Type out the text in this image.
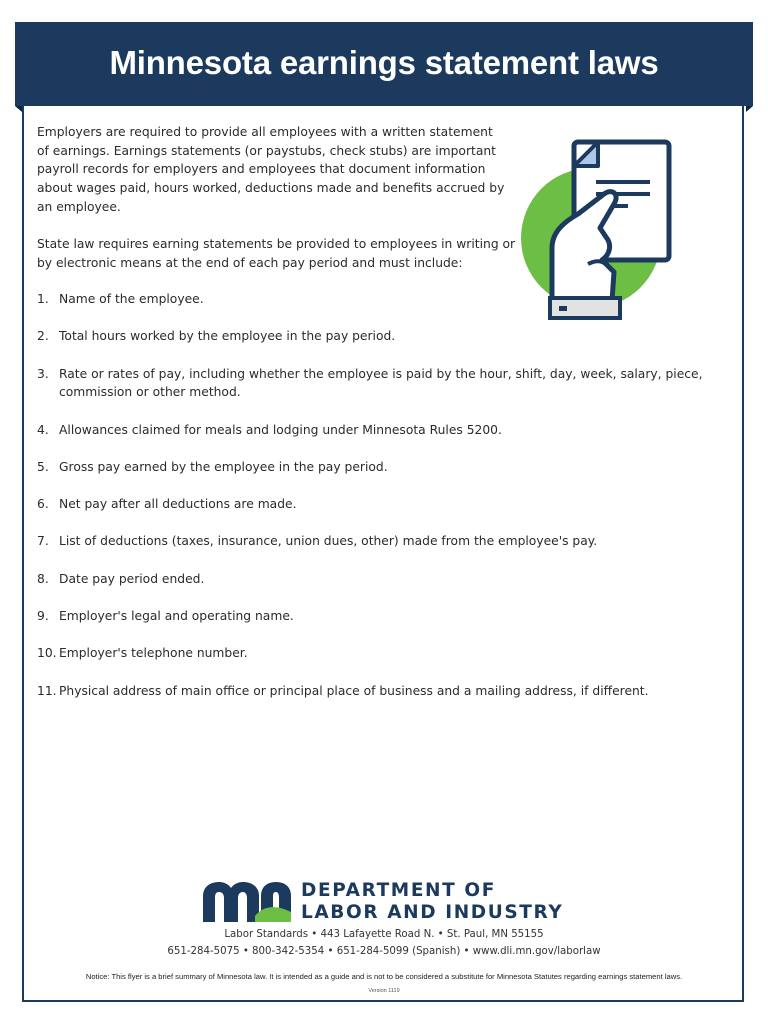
Minnesota earnings statement laws

Employers are required to provide all employees with a written statement of earnings. Earnings statements (or paystubs, check stubs) are important payroll records for employers and employees that document information about wages paid, hours worked, deductions made and benefits accrued by an employee.

State law requires earning statements be provided to employees in writing or by electronic means at the end of each pay period and must include:

1. Name of the employee.
2. Total hours worked by the employee in the pay period.
3. Rate or rates of pay, including whether the employee is paid by the hour, shift, day, week, salary, piece, commission or other method.
4. Allowances claimed for meals and lodging under Minnesota Rules 5200.
5. Gross pay earned by the employee in the pay period.
6. Net pay after all deductions are made.
7. List of deductions (taxes, insurance, union dues, other) made from the employee's pay.
8. Date pay period ended.
9. Employer's legal and operating name.
10. Employer's telephone number.
11. Physical address of main office or principal place of business and a mailing address, if different.

DEPARTMENT OF

LABOR AND INDUSTRY

Labor Standards • 443 Lafayette Road N. • St. Paul, MN 55155

651-284-5075 • 800-342-5354 • 651-284-5099 (Spanish) • www.dli.mn.gov/laborlaw

Notice: This flyer is a brief summary of Minnesota law. It is intended as a guide and is not to be considered a substitute for Minnesota Statutes regarding earnings statement laws.

Version 1119
